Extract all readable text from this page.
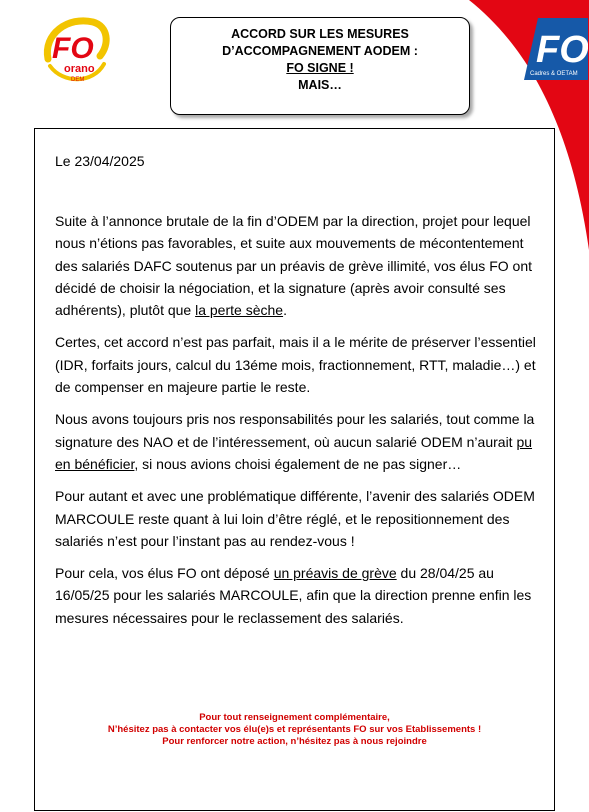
FO
orano
DEM
ACCORD SUR LES MESURES
D’ACCOMPAGNEMENT AODEM :
FO SIGNE !
MAIS…
FO
Cadres & OETAM
Le 23/04/2025

Suite à l’annonce brutale de la fin d’ODEM par la direction, projet pour lequel nous n’étions pas favorables, et suite aux mouvements de mécontentement des salariés DAFC soutenus par un préavis de grève illimité, vos élus FO ont décidé de choisir la négociation, et la signature (après avoir consulté ses adhérents), plutôt que la perte sèche.

Certes, cet accord n’est pas parfait, mais il a le mérite de préserver l’essentiel (IDR, forfaits jours, calcul du 13éme mois, fractionnement, RTT, maladie…) et de compenser en majeure partie le reste.

Nous avons toujours pris nos responsabilités pour les salariés, tout comme la signature des NAO et de l’intéressement, où aucun salarié ODEM n’aurait pu en bénéficier, si nous avions choisi également de ne pas signer…

Pour autant et avec une problématique différente, l’avenir des salariés ODEM MARCOULE reste quant à lui loin d’être réglé, et le repositionnement des salariés n’est pour l’instant pas au rendez-vous !

Pour cela, vos élus FO ont déposé un préavis de grève du 28/04/25 au 16/05/25 pour les salariés MARCOULE, afin que la direction prenne enfin les mesures nécessaires pour le reclassement des salariés.

Pour tout renseignement complémentaire,
N’hésitez pas à contacter vos élu(e)s et représentants FO sur vos Etablissements !
Pour renforcer notre action, n’hésitez pas à nous rejoindre
